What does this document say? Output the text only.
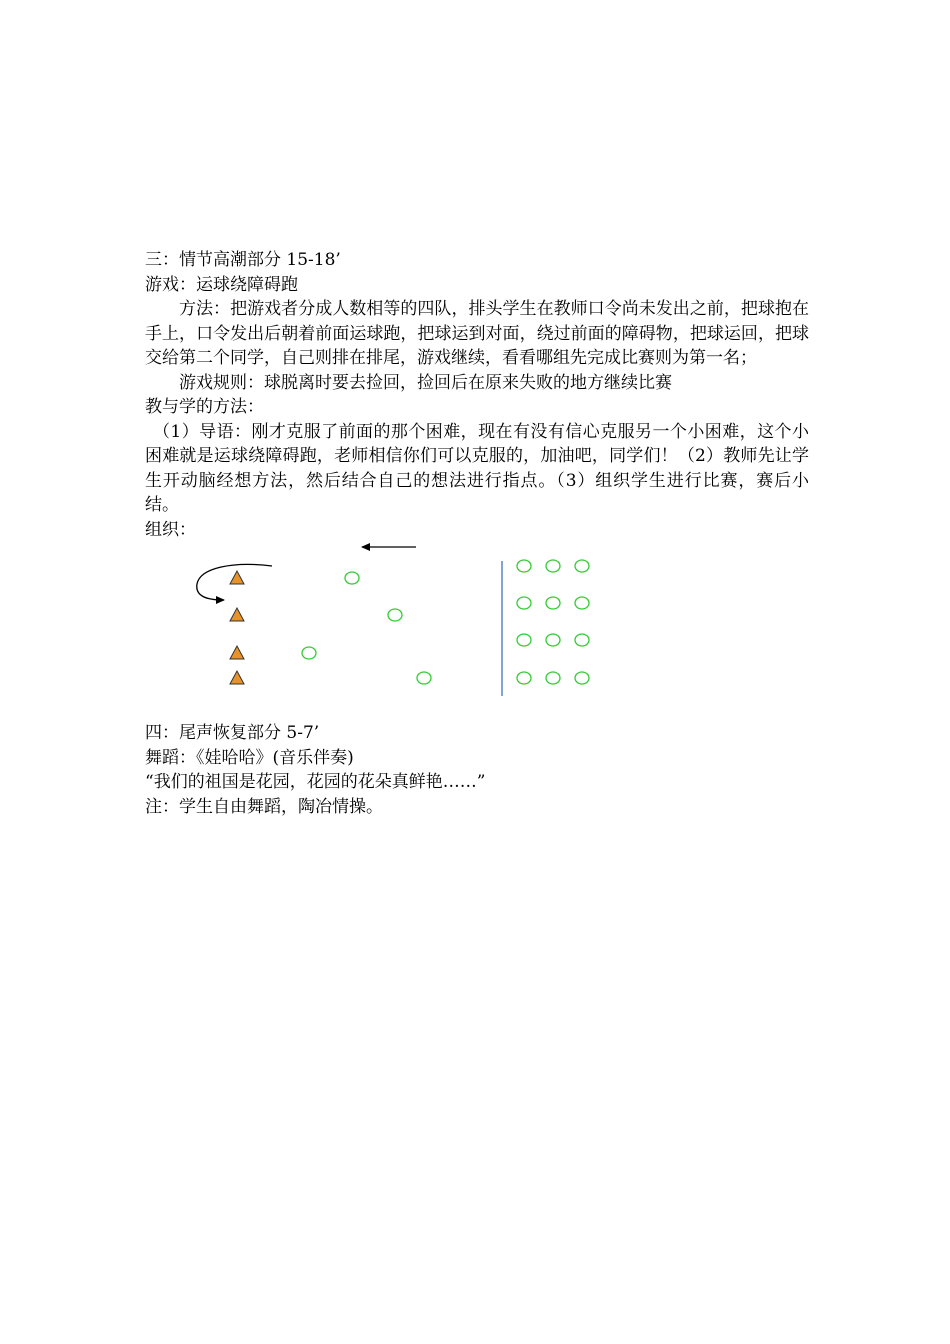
三：情节高潮部分 15-18’
游戏：运球绕障碍跑
方法：把游戏者分成人数相等的四队，排头学生在教师口令尚未发出之前，把球抱在手上，口令发出后朝着前面运球跑，把球运到对面，绕过前面的障碍物，把球运回，把球交给第二个同学，自己则排在排尾，游戏继续，看看哪组先完成比赛则为第一名；
游戏规则：球脱离时要去捡回，捡回后在原来失败的地方继续比赛
教与学的方法：
（1）导语：刚才克服了前面的那个困难，现在有没有信心克服另一个小困难，这个小困难就是运球绕障碍跑，老师相信你们可以克服的，加油吧，同学们！（2）教师先让学生开动脑经想方法，然后结合自己的想法进行指点。（3）组织学生进行比赛，赛后小结。
组织：
四：尾声恢复部分 5-7’
舞蹈：《娃哈哈》(音乐伴奏)
“我们的祖国是花园，花园的花朵真鲜艳……”
注：学生自由舞蹈，陶冶情操。
